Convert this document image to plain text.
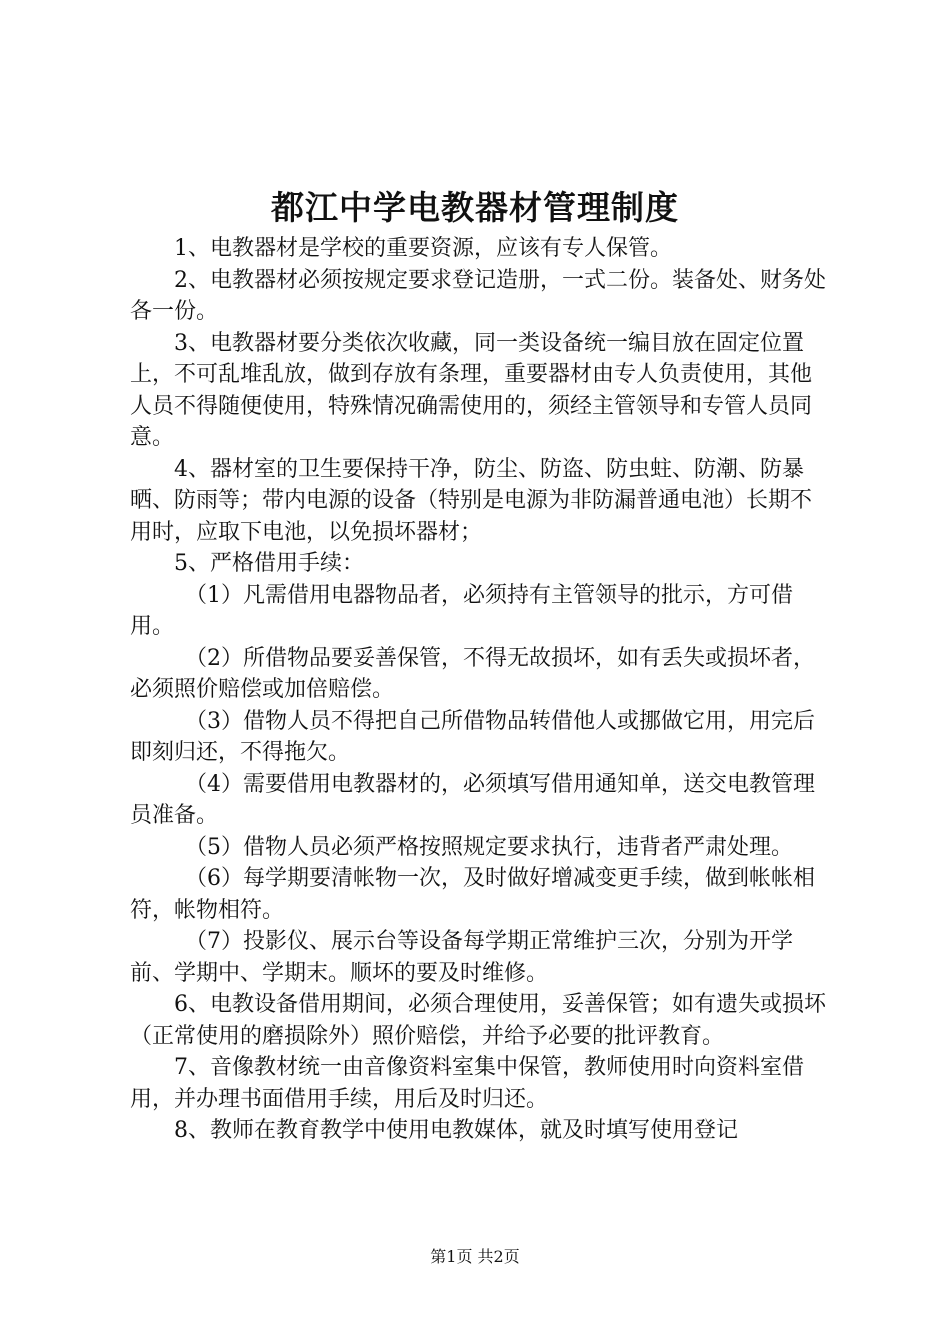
都江中学电教器材管理制度

1、电教器材是学校的重要资源，应该有专人保管。

2、电教器材必须按规定要求登记造册，一式二份。装备处、财务处各一份。

3、电教器材要分类依次收藏，同一类设备统一编目放在固定位置上，不可乱堆乱放，做到存放有条理，重要器材由专人负责使用，其他人员不得随便使用，特殊情况确需使用的，须经主管领导和专管人员同意。

4、器材室的卫生要保持干净，防尘、防盗、防虫蛀、防潮、防暴晒、防雨等；带内电源的设备（特别是电源为非防漏普通电池）长期不用时，应取下电池，以免损坏器材；

5、严格借用手续：

（1）凡需借用电器物品者，必须持有主管领导的批示，方可借用。

（2）所借物品要妥善保管，不得无故损坏，如有丢失或损坏者，必须照价赔偿或加倍赔偿。

（3）借物人员不得把自己所借物品转借他人或挪做它用，用完后即刻归还，不得拖欠。

（4）需要借用电教器材的，必须填写借用通知单，送交电教管理员准备。

（5）借物人员必须严格按照规定要求执行，违背者严肃处理。

（6）每学期要清帐物一次，及时做好增减变更手续，做到帐帐相符，帐物相符。

（7）投影仪、展示台等设备每学期正常维护三次，分别为开学前、学期中、学期末。顺坏的要及时维修。

6、电教设备借用期间，必须合理使用，妥善保管；如有遗失或损坏（正常使用的磨损除外）照价赔偿，并给予必要的批评教育。

7、音像教材统一由音像资料室集中保管，教师使用时向资料室借用，并办理书面借用手续，用后及时归还。

8、教师在教育教学中使用电教媒体，就及时填写使用登记

第1页 共2页
